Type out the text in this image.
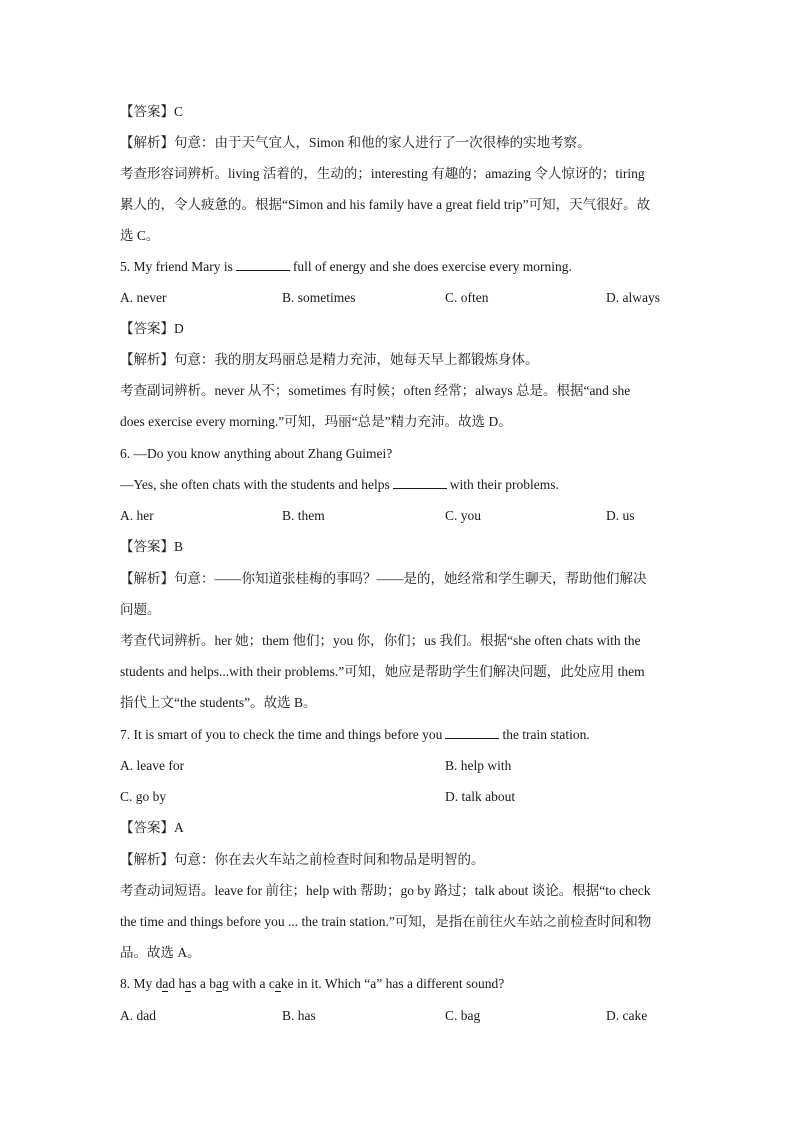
【答案】C
【解析】句意：由于天气宜人，Simon 和他的家人进行了一次很棒的实地考察。
考查形容词辨析。living 活着的，生动的；interesting 有趣的；amazing 令人惊讶的；tiring
累人的，令人疲惫的。根据“Simon and his family have a great field trip”可知，天气很好。故
选 C。
5. My friend Mary is	full of energy and she does exercise every morning.
A. never	B. sometimes	C. often	D. always
【答案】D
【解析】句意：我的朋友玛丽总是精力充沛，她每天早上都锻炼身体。
考查副词辨析。never 从不；sometimes 有时候；often 经常；always 总是。根据“and she
does exercise every morning.”可知，玛丽“总是”精力充沛。故选 D。
6. —Do you know anything about Zhang Guimei?
—Yes, she often chats with the students and helps	with their problems.
A. her	B. them	C. you	D. us
【答案】B
【解析】句意：——你知道张桂梅的事吗？——是的，她经常和学生聊天，帮助他们解决
问题。
考查代词辨析。her 她；them 他们；you 你，你们；us 我们。根据“she often chats with the
students and helps...with their problems.”可知，她应是帮助学生们解决问题，此处应用 them
指代上文“the students”。故选 B。
7. It is smart of you to check the time and things before you	the train station.
A. leave for	B. help with
C. go by	D. talk about
【答案】A
【解析】句意：你在去火车站之前检查时间和物品是明智的。
考查动词短语。leave for 前往；help with 帮助；go by 路过；talk about 谈论。根据“to check
the time and things before you ... the train station.”可知，是指在前往火车站之前检查时间和物
品。故选 A。
8. My dad has a bag with a cake in it. Which “a” has a different sound?
A. dad	B. has	C. bag	D. cake
